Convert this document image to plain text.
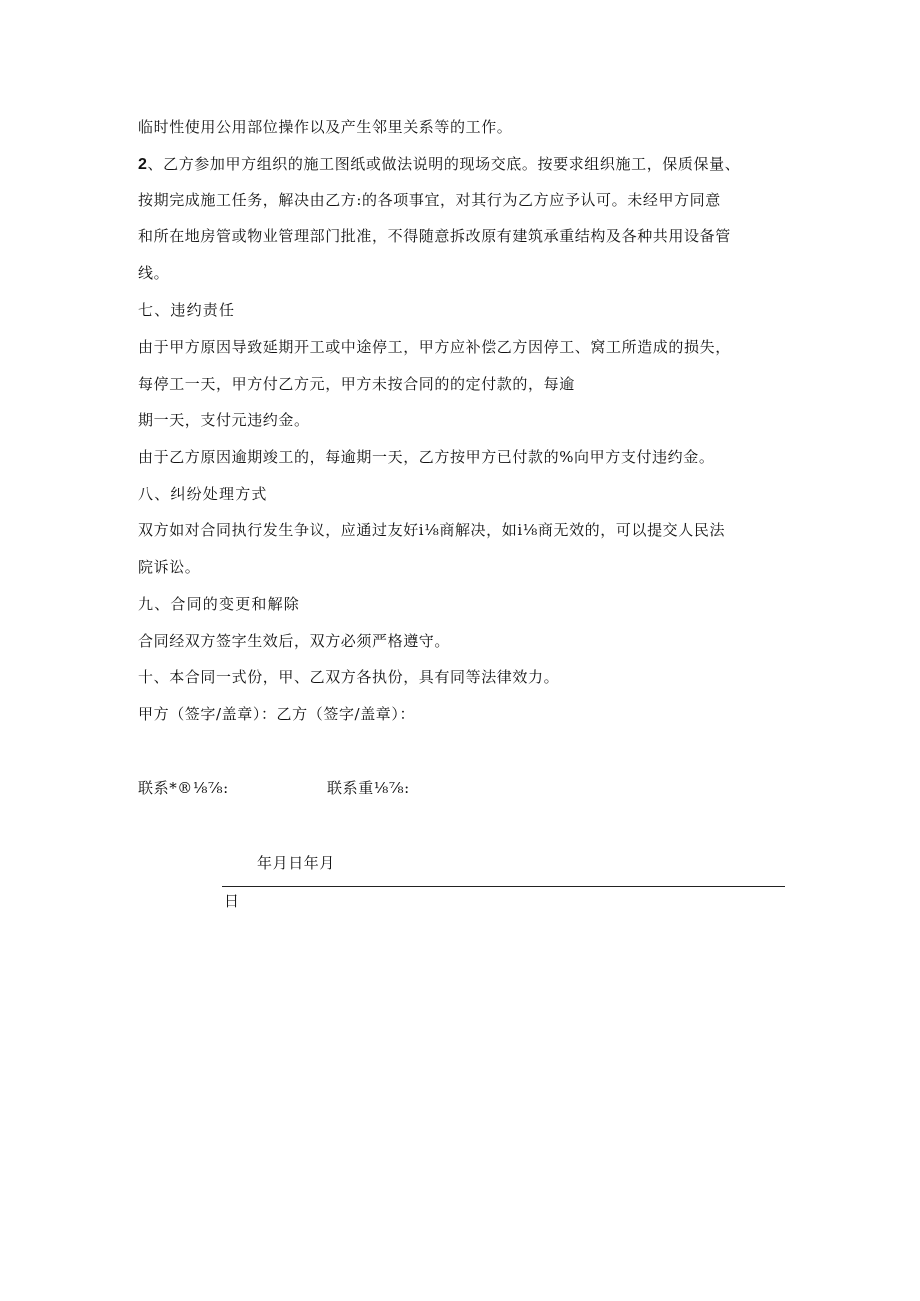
临时性使用公用部位操作以及产生邻里关系等的工作。
2、乙方参加甲方组织的施工图纸或做法说明的现场交底。按要求组织施工，保质保量、
按期完成施工任务，解决由乙方:的各项事宜，对其行为乙方应予认可。未经甲方同意
和所在地房管或物业管理部门批准，不得随意拆改原有建筑承重结构及各种共用设备管
线。
七、违约责任
由于甲方原因导致延期开工或中途停工，甲方应补偿乙方因停工、窝工所造成的损失，
每停工一天，甲方付乙方元，甲方未按合同的的定付款的，每逾
期一天，支付元违约金。
由于乙方原因逾期竣工的，每逾期一天，乙方按甲方已付款的%向甲方支付违约金。
八、纠纷处理方式
双方如对合同执行发生争议，应通过友好i⅛商解决，如i⅛商无效的，可以提交人民法
院诉讼。
九、合同的变更和解除
合同经双方签字生效后，双方必须严格遵守。
十、本合同一式份，甲、乙双方各执份，具有同等法律效力。
甲方（签字/盖章）：乙方（签字/盖章）：
联系*®⅛⅞:	联系重⅛⅞:
年月日年月
日
